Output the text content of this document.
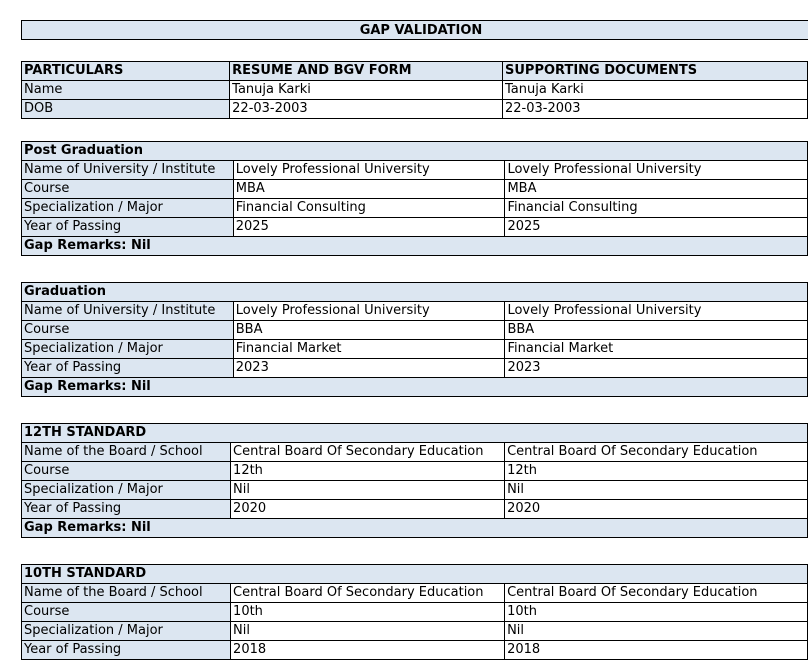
GAP VALIDATION
PARTICULARS	RESUME AND BGV FORM	SUPPORTING DOCUMENTS
Name	Tanuja Karki	Tanuja Karki
DOB	22-03-2003	22-03-2003
Post Graduation		
Name of University / Institute	Lovely Professional University	Lovely Professional University
Course	MBA	MBA
Specialization / Major	Financial Consulting	Financial Consulting
Year of Passing	2025	2025
Gap Remarks: Nil		
Graduation		
Name of University / Institute	Lovely Professional University	Lovely Professional University
Course	BBA	BBA
Specialization / Major	Financial Market	Financial Market
Year of Passing	2023	2023
Gap Remarks: Nil		
12TH STANDARD		
Name of the Board / School	Central Board Of Secondary Education	Central Board Of Secondary Education
Course	12th	12th
Specialization / Major	Nil	Nil
Year of Passing	2020	2020
Gap Remarks: Nil		
10TH STANDARD		
Name of the Board / School	Central Board Of Secondary Education	Central Board Of Secondary Education
Course	10th	10th
Specialization / Major	Nil	Nil
Year of Passing	2018	2018
